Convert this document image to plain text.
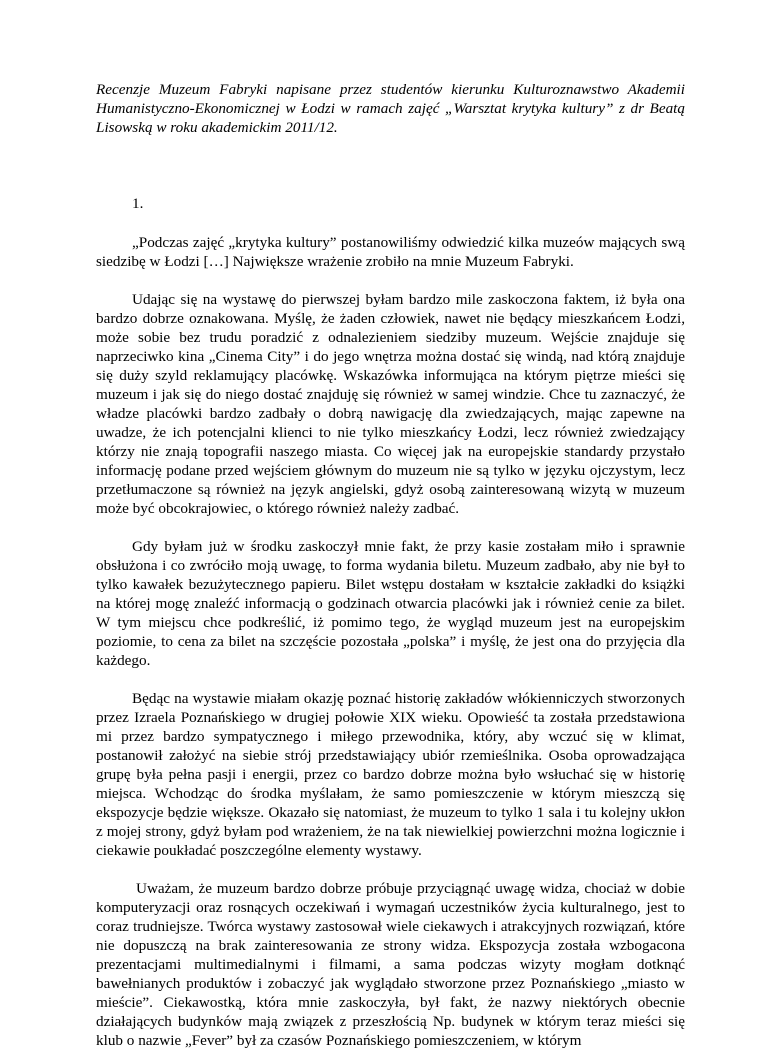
Recenzje Muzeum Fabryki napisane przez studentów kierunku Kulturoznawstwo Akademii Humanistyczno-Ekonomicznej w Łodzi w ramach zajęć „Warsztat krytyka kultury” z dr Beatą Lisowską w roku akademickim 2011/12.

1.

„Podczas zajęć „krytyka kultury” postanowiliśmy odwiedzić kilka muzeów mających swą siedzibę w Łodzi […] Największe wrażenie zrobiło na mnie Muzeum Fabryki.

Udając się na wystawę do pierwszej byłam bardzo mile zaskoczona faktem, iż była ona bardzo dobrze oznakowana. Myślę, że żaden człowiek, nawet nie będący mieszkańcem Łodzi, może sobie bez trudu poradzić z odnalezieniem siedziby muzeum. Wejście znajduje się naprzeciwko kina „Cinema City” i do jego wnętrza można dostać się windą, nad którą znajduje się duży szyld reklamujący placówkę. Wskazówka informująca na którym piętrze mieści się muzeum i jak się do niego dostać znajduję się również w samej windzie. Chce tu zaznaczyć, że władze placówki bardzo zadbały o dobrą nawigację dla zwiedzających, mając zapewne na uwadze, że ich potencjalni klienci to nie tylko mieszkańcy Łodzi, lecz również zwiedzający którzy nie znają topografii naszego miasta. Co więcej jak na europejskie standardy przystało informację podane przed wejściem głównym do muzeum nie są tylko w języku ojczystym, lecz przetłumaczone są również na język angielski, gdyż osobą zainteresowaną wizytą w muzeum może być obcokrajowiec, o którego również należy zadbać.

Gdy byłam już w środku zaskoczył mnie fakt, że przy kasie zostałam miło i sprawnie obsłużona i co zwróciło moją uwagę, to forma wydania biletu. Muzeum zadbało, aby nie był to tylko kawałek bezużytecznego papieru. Bilet wstępu dostałam w kształcie zakładki do książki na której mogę znaleźć informacją o godzinach otwarcia placówki jak i również cenie za bilet. W tym miejscu chce podkreślić, iż pomimo tego, że wygląd muzeum jest na europejskim poziomie, to cena za bilet na szczęście pozostała „polska” i myślę, że jest ona do przyjęcia dla każdego.

Będąc na wystawie miałam okazję poznać historię zakładów włókienniczych stworzonych przez Izraela Poznańskiego w drugiej połowie XIX wieku. Opowieść ta została przedstawiona mi przez bardzo sympatycznego i miłego przewodnika, który, aby wczuć się w klimat, postanowił założyć na siebie strój przedstawiający ubiór rzemieślnika. Osoba oprowadzająca grupę była pełna pasji i energii, przez co bardzo dobrze można było wsłuchać się w historię miejsca. Wchodząc do środka myślałam, że samo pomieszczenie w którym mieszczą się ekspozycje będzie większe. Okazało się natomiast, że muzeum to tylko 1 sala i tu kolejny ukłon z mojej strony, gdyż byłam pod wrażeniem, że na tak niewielkiej powierzchni można logicznie i ciekawie poukładać poszczególne elementy wystawy.

Uważam, że muzeum bardzo dobrze próbuje przyciągnąć uwagę widza, chociaż w dobie komputeryzacji oraz rosnących oczekiwań i wymagań uczestników życia kulturalnego, jest to coraz trudniejsze. Twórca wystawy zastosował wiele ciekawych i atrakcyjnych rozwiązań, które nie dopuszczą na brak zainteresowania ze strony widza. Ekspozycja została wzbogacona prezentacjami multimedialnymi i filmami, a sama podczas wizyty mogłam dotknąć bawełnianych produktów i zobaczyć jak wyglądało stworzone przez Poznańskiego „miasto w mieście”. Ciekawostką, która mnie zaskoczyła, był fakt, że nazwy niektórych obecnie działających budynków mają związek z przeszłością Np. budynek w którym teraz mieści się klub o nazwie „Fever” był za czasów Poznańskiego pomieszczeniem, w którym
